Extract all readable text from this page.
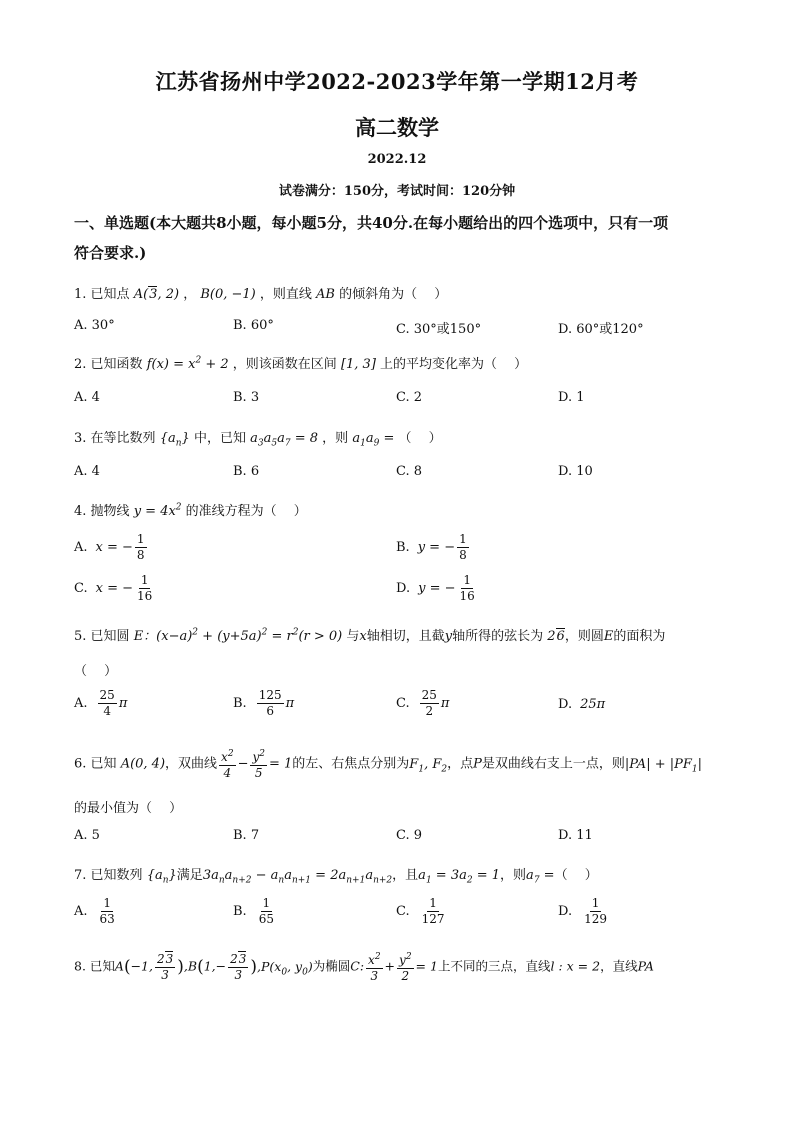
江苏省扬州中学2022-2023学年第一学期12月考
高二数学
2022.12
试卷满分：150分，考试时间：120分钟
一、单选题(本大题共8小题，每小题5分，共40分.在每小题给出的四个选项中，只有一项
符合要求.)
1. 已知点 A(3, 2) ， B(0, −1) ，则直线 AB 的倾斜角为（　 ）
A. 30°	B. 60°	C. 30°或150°	D. 60°或120°
2. 已知函数 $f(x) = x^2 + 2$ ，则该函数在区间 [1, 3] 上的平均变化率为（　 ）
A. 4	B. 3	C. 2	D. 1
3. 在等比数列 $\{a_n\}$ 中，已知 $a_3a_5a_7 = 8$ ，则 $a_1a_9$ = （　 ）
A. 4	B. 6	C. 8	D. 10
4. 抛物线 $y = 4x^2$ 的准线方程为（　 ）
A. x = − $\frac{1}{8}$	B. y = − $\frac{1}{8}$
C. x = − $\frac{1}{16}$	D. y = − $\frac{1}{16}$
5. 已知圆 E：$(x-a)^2 + (y+5a)^2 = r^2(r > 0)$ 与x轴相切，且截y轴所得的弦长为 26，则圆E的面积为
（　 ）
A. $\frac{25}{4}$ π	B. $\frac{125}{6}$ π	C. $\frac{25}{2}$ π	D. 25π
6. 已知 A(0, 4)，双曲线 $\frac{x^2}{4} - \frac{y^2}{5} = 1$的左、右焦点分别为$F_1$, $F_2$，点P是双曲线右支上一点，则$|PA| + |PF_1|$
的最小值为（　 ）
A. 5	B. 7	C. 9	D. 11
7. 已知数列 $\{a_n\}$满足$3a_na_{n+2} - a_na_{n+1} = 2a_{n+1}a_{n+2}$，且$a_1 = 3a_2 = 1$，则$a_7$ =（　 ）
A. $\frac{1}{63}$	B. $\frac{1}{65}$	C. $\frac{1}{127}$	D. $\frac{1}{129}$
8. 已知A(−1, $\frac{23}{3} ),B(1,- \frac{23}{3} ),P(x_0$, $y_0$)为椭圆C: $\frac{x^2}{3} + \frac{y^2}{2} = 1$上不同的三点，直线l : x = 2，直线PA
